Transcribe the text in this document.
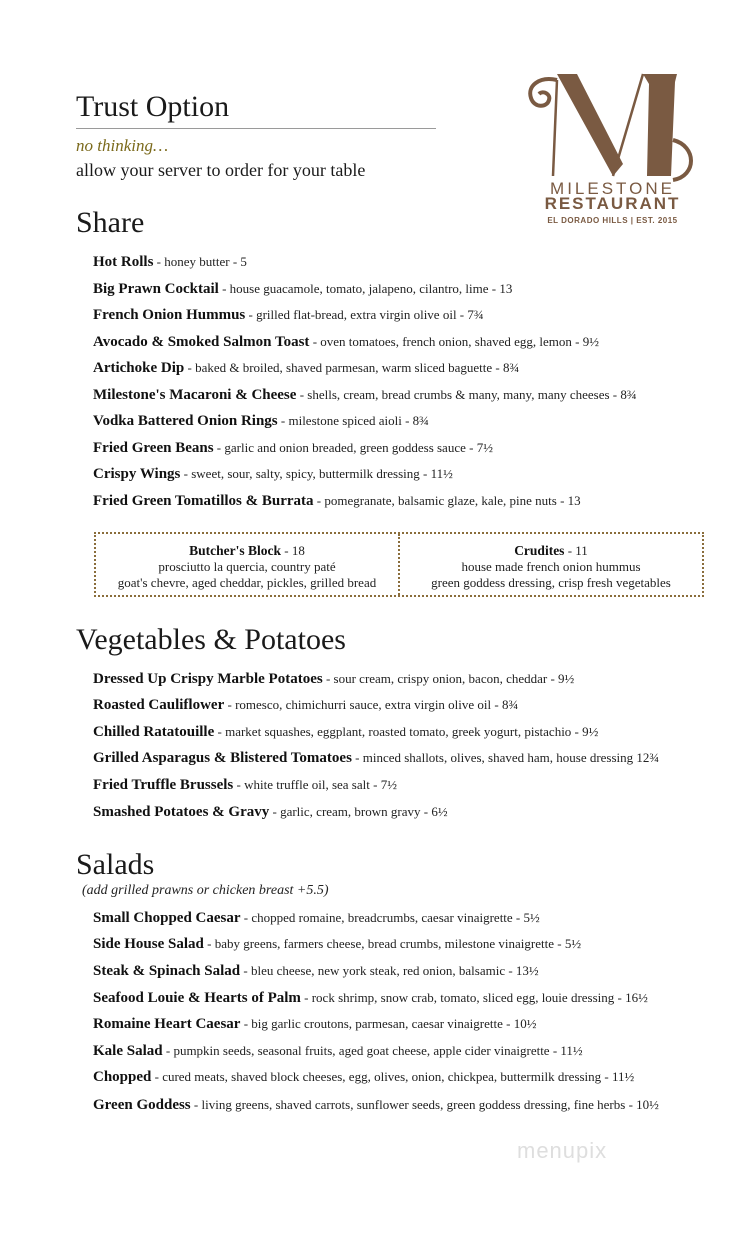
Trust Option
no thinking…
allow your server to order for your table
MILESTONE
RESTAURANT
EL DORADO HILLS | EST. 2015
Share
Hot Rolls - honey butter - 5
Big Prawn Cocktail - house guacamole, tomato, jalapeno, cilantro, lime - 13
French Onion Hummus - grilled flat-bread, extra virgin olive oil - 7¾
Avocado & Smoked Salmon Toast - oven tomatoes, french onion, shaved egg, lemon - 9½
Artichoke Dip - baked & broiled, shaved parmesan, warm sliced baguette - 8¾
Milestone's Macaroni & Cheese - shells, cream, bread crumbs & many, many, many cheeses - 8¾
Vodka Battered Onion Rings - milestone spiced aioli - 8¾
Fried Green Beans - garlic and onion breaded, green goddess sauce - 7½
Crispy Wings - sweet, sour, salty, spicy, buttermilk dressing - 11½
Fried Green Tomatillos & Burrata - pomegranate, balsamic glaze, kale, pine nuts - 13
Butcher's Block - 18
prosciutto la quercia, country paté
goat's chevre, aged cheddar, pickles, grilled bread
Crudites - 11
house made french onion hummus
green goddess dressing, crisp fresh vegetables
Vegetables & Potatoes
Dressed Up Crispy Marble Potatoes - sour cream, crispy onion, bacon, cheddar - 9½
Roasted Cauliflower - romesco, chimichurri sauce, extra virgin olive oil - 8¾
Chilled Ratatouille - market squashes, eggplant, roasted tomato, greek yogurt, pistachio - 9½
Grilled Asparagus & Blistered Tomatoes - minced shallots, olives, shaved ham, house dressing 12¾
Fried Truffle Brussels - white truffle oil, sea salt - 7½
Smashed Potatoes & Gravy - garlic, cream, brown gravy - 6½
Salads
(add grilled prawns or chicken breast +5.5)
Small Chopped Caesar - chopped romaine, breadcrumbs, caesar vinaigrette - 5½
Side House Salad - baby greens, farmers cheese, bread crumbs, milestone vinaigrette - 5½
Steak & Spinach Salad - bleu cheese, new york steak, red onion, balsamic - 13½
Seafood Louie & Hearts of Palm - rock shrimp, snow crab, tomato, sliced egg, louie dressing - 16½
Romaine Heart Caesar - big garlic croutons, parmesan, caesar vinaigrette - 10½
Kale Salad - pumpkin seeds, seasonal fruits, aged goat cheese, apple cider vinaigrette - 11½
Chopped - cured meats, shaved block cheeses, egg, olives, onion, chickpea, buttermilk dressing - 11½
Green Goddess - living greens, shaved carrots, sunflower seeds, green goddess dressing, fine herbs - 10½
menupix
